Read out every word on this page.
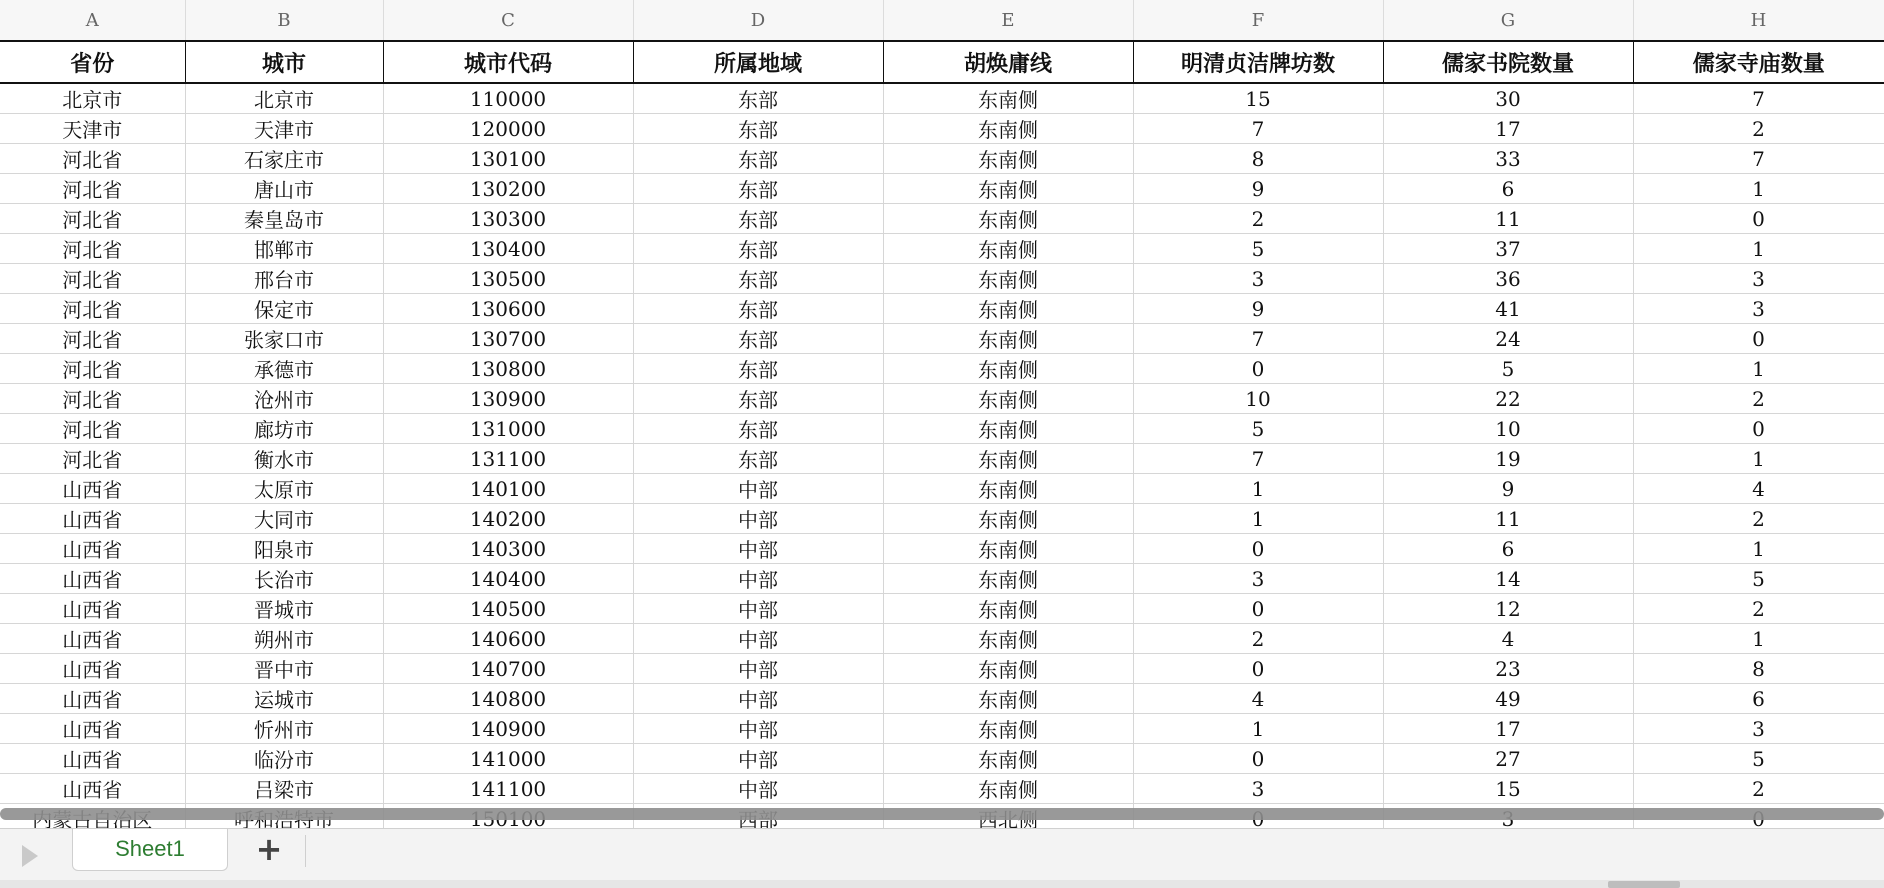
A	B	C	D	E	F	G	H
省份	城市	城市代码	所属地域	胡焕庸线	明清贞洁牌坊数	儒家书院数量	儒家寺庙数量
北京市	北京市	110000	东部	东南侧	15	30	7
天津市	天津市	120000	东部	东南侧	7	17	2
河北省	石家庄市	130100	东部	东南侧	8	33	7
河北省	唐山市	130200	东部	东南侧	9	6	1
河北省	秦皇岛市	130300	东部	东南侧	2	11	0
河北省	邯郸市	130400	东部	东南侧	5	37	1
河北省	邢台市	130500	东部	东南侧	3	36	3
河北省	保定市	130600	东部	东南侧	9	41	3
河北省	张家口市	130700	东部	东南侧	7	24	0
河北省	承德市	130800	东部	东南侧	0	5	1
河北省	沧州市	130900	东部	东南侧	10	22	2
河北省	廊坊市	131000	东部	东南侧	5	10	0
河北省	衡水市	131100	东部	东南侧	7	19	1
山西省	太原市	140100	中部	东南侧	1	9	4
山西省	大同市	140200	中部	东南侧	1	11	2
山西省	阳泉市	140300	中部	东南侧	0	6	1
山西省	长治市	140400	中部	东南侧	3	14	5
山西省	晋城市	140500	中部	东南侧	0	12	2
山西省	朔州市	140600	中部	东南侧	2	4	1
山西省	晋中市	140700	中部	东南侧	0	23	8
山西省	运城市	140800	中部	东南侧	4	49	6
山西省	忻州市	140900	中部	东南侧	1	17	3
山西省	临汾市	141000	中部	东南侧	0	27	5
山西省	吕梁市	141100	中部	东南侧	3	15	2

Sheet1	+
